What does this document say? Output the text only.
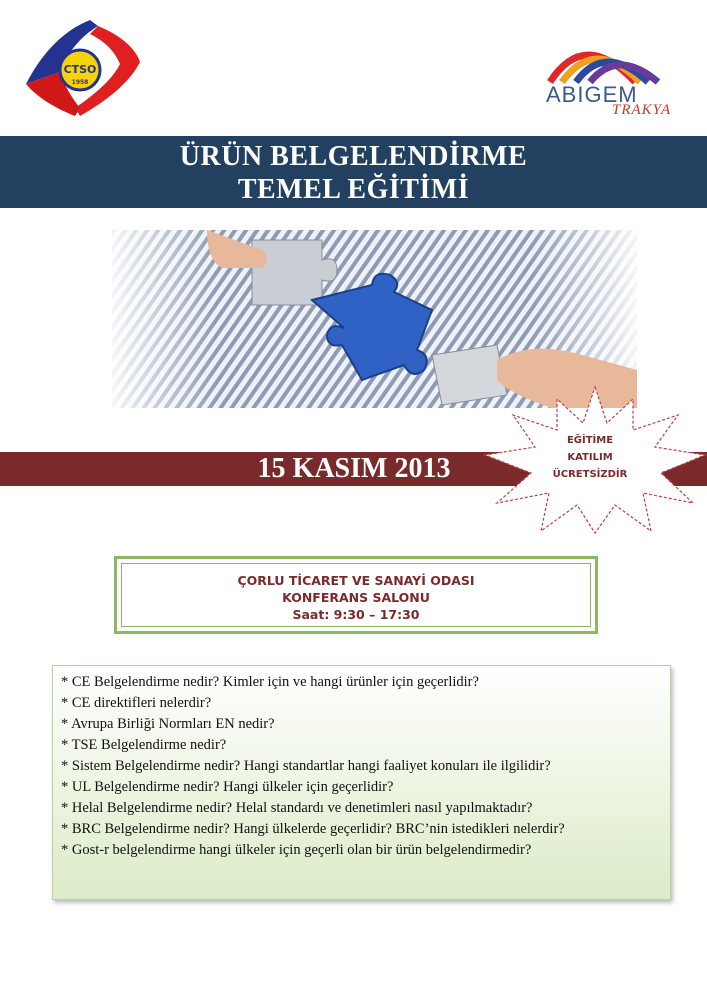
CTSO
1958	ABIGEM
TRAKYA
ÜRÜN BELGELENDİRME
TEMEL EĞİTİMİ
15 KASIM 2013
EĞİTİME
KATILIM
ÜCRETSİZDİR
ÇORLU TİCARET VE SANAYİ ODASI
KONFERANS SALONU
Saat: 9:30 – 17:30
* CE Belgelendirme nedir? Kimler için ve hangi ürünler için geçerlidir?
* CE direktifleri nelerdir?
* Avrupa Birliği Normları EN nedir?
* TSE Belgelendirme nedir?
* Sistem Belgelendirme nedir? Hangi standartlar hangi faaliyet konuları ile ilgilidir?
* UL Belgelendirme nedir? Hangi ülkeler için geçerlidir?
* Helal Belgelendirme nedir? Helal standardı ve denetimleri nasıl yapılmaktadır?
* BRC Belgelendirme nedir? Hangi ülkelerde geçerlidir? BRC’nin istedikleri nelerdir?
* Gost-r belgelendirme hangi ülkeler için geçerli olan bir ürün belgelendirmedir?
